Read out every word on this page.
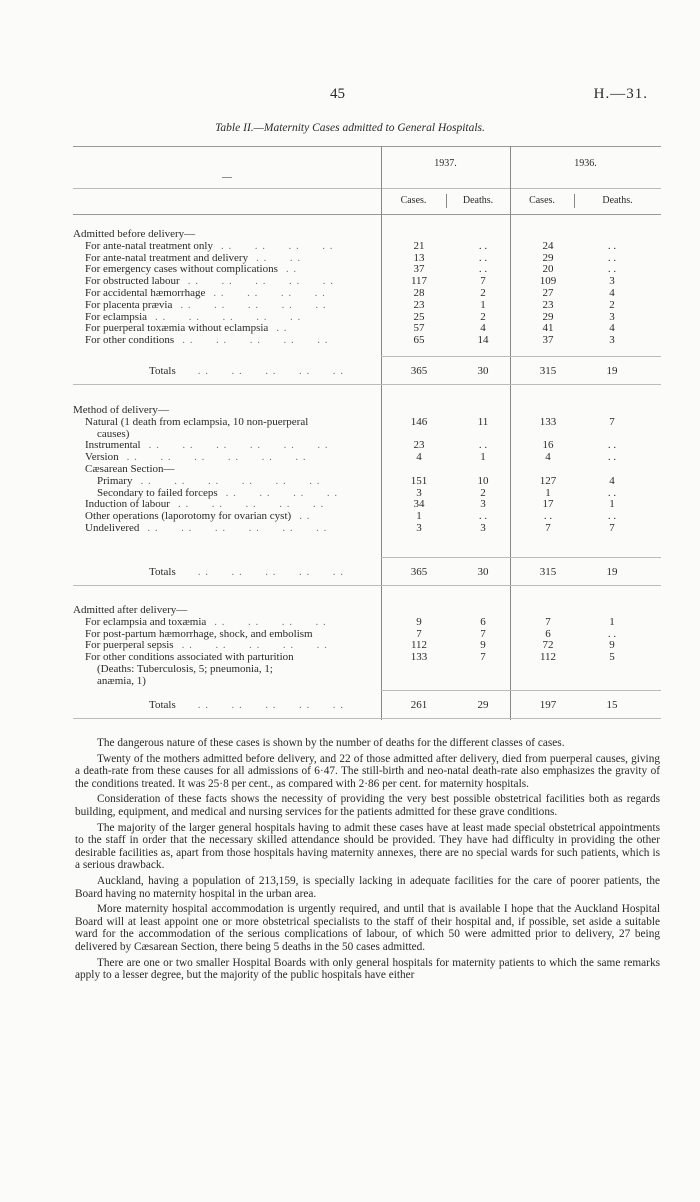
45	H.—31.
Table II.—Maternity Cases admitted to General Hospitals.
—
1937.	1936.
Cases.	Deaths.	Cases.	Deaths.
Admitted before delivery—
For ante-natal treatment only . .      . .      . .      . .	21	. .	24	. .
For ante-natal treatment and delivery . .      . .	13	. .	29	. .
For emergency cases without complications . .	37	. .	20	. .
For obstructed labour . .      . .      . .      . .      . .	117	7	109	3
For accidental hæmorrhage . .      . .      . .      . .	28	2	27	4
For placenta prævia . .      . .      . .      . .      . .	23	1	23	2
For eclampsia . .      . .      . .      . .      . .	25	2	29	3
For puerperal toxæmia without eclampsia . .	57	4	41	4
For other conditions . .      . .      . .      . .      . .	65	14	37	3
Totals . .      . .      . .      . .      . .	365	30	315	19
Method of delivery—
Natural (1 death from eclampsia, 10 non-puerperal	146	11	133	7
causes)
Instrumental . .      . .      . .      . .      . .      . .	23	. .	16	. .
Version . .      . .      . .      . .      . .      . .	4	1	4	. .
Cæsarean Section—
Primary . .      . .      . .      . .      . .      . .	151	10	127	4
Secondary to failed forceps . .      . .      . .      . .	3	2	1	. .
Induction of labour . .      . .      . .      . .      . .	34	3	17	1
Other operations (laporotomy for ovarian cyst) . .	1	. .	. .	. .
Undelivered . .      . .      . .      . .      . .      . .	3	3	7	7
Totals . .      . .      . .      . .      . .	365	30	315	19
Admitted after delivery—
For eclampsia and toxæmia . .      . .      . .      . .	9	6	7	1
For post-partum hæmorrhage, shock, and embolism	7	7	6	. .
For puerperal sepsis . .      . .      . .      . .      . .	112	9	72	9
For other conditions associated with parturition	133	7	112	5
(Deaths: Tuberculosis, 5; pneumonia, 1;
anæmia, 1)
Totals . .      . .      . .      . .      . .	261	29	197	15

The dangerous nature of these cases is shown by the number of deaths for the different classes of cases.

Twenty of the mothers admitted before delivery, and 22 of those admitted after delivery, died from puerperal causes, giving a death-rate from these causes for all admissions of 6·47. The still-birth and neo-natal death-rate also emphasizes the gravity of the conditions treated. It was 25·8 per cent., as compared with 2·86 per cent. for maternity hospitals.

Consideration of these facts shows the necessity of providing the very best possible obstetrical facilities both as regards building, equipment, and medical and nursing services for the patients admitted for these grave conditions.

The majority of the larger general hospitals having to admit these cases have at least made special obstetrical appointments to the staff in order that the necessary skilled attendance should be provided. They have had difficulty in providing the other desirable facilities as, apart from those hospitals having maternity annexes, there are no special wards for such patients, which is a serious drawback.

Auckland, having a population of 213,159, is specially lacking in adequate facilities for the care of poorer patients, the Board having no maternity hospital in the urban area.

More maternity hospital accommodation is urgently required, and until that is available I hope that the Auckland Hospital Board will at least appoint one or more obstetrical specialists to the staff of their hospital and, if possible, set aside a suitable ward for the accommodation of the serious complications of labour, of which 50 were admitted prior to delivery, 27 being delivered by Cæsarean Section, there being 5 deaths in the 50 cases admitted.

There are one or two smaller Hospital Boards with only general hospitals for maternity patients to which the same remarks apply to a lesser degree, but the majority of the public hospitals have either
